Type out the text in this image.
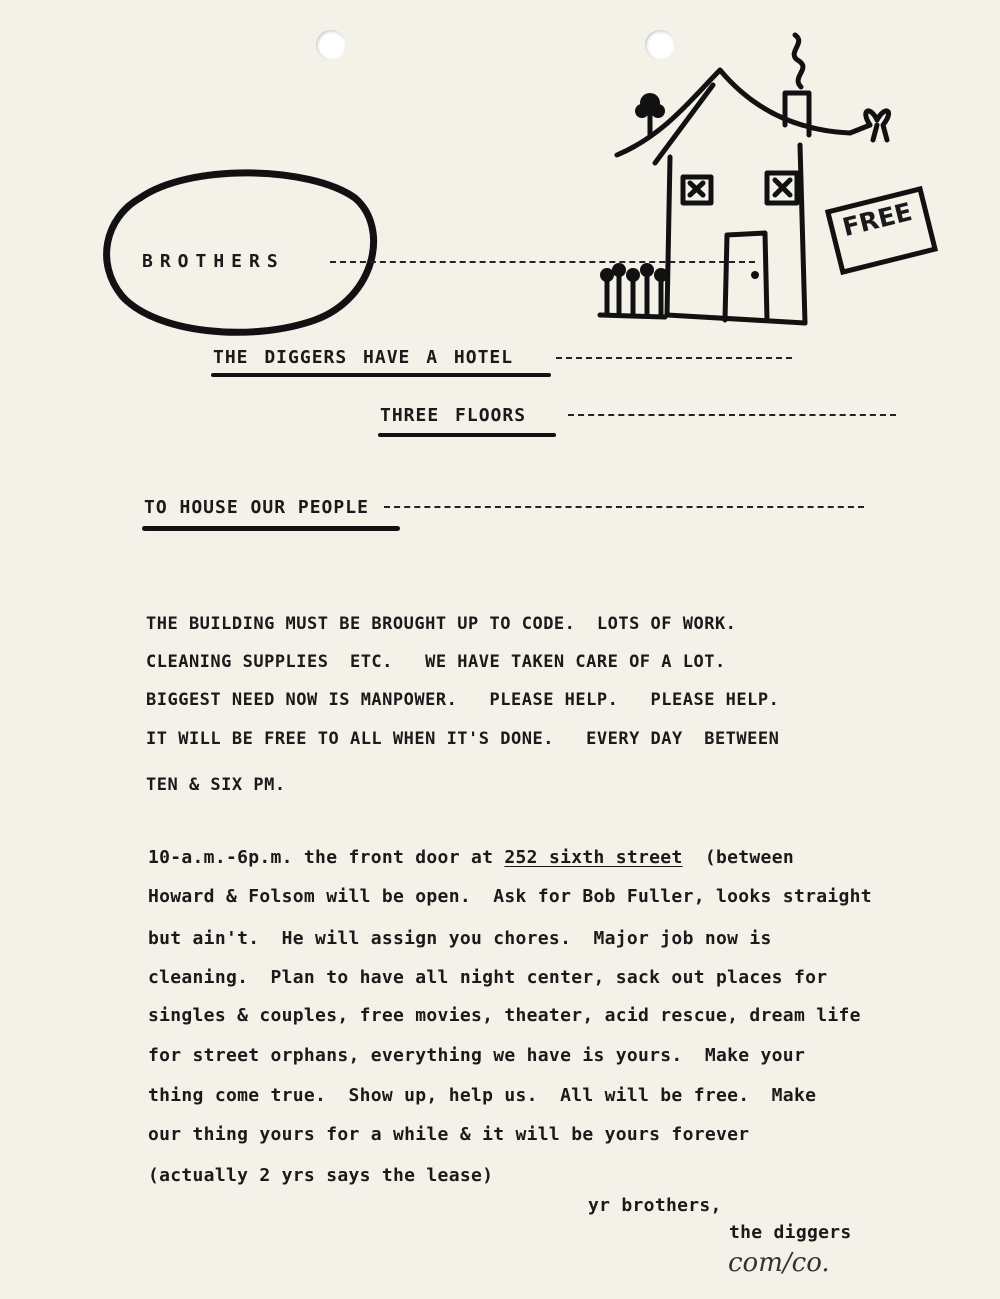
BROTHERS
FREE
THE DIGGERS HAVE A HOTEL
THREE FLOORS
TO HOUSE OUR PEOPLE
THE BUILDING MUST BE BROUGHT UP TO CODE.  LOTS OF WORK.
CLEANING SUPPLIES  ETC.   WE HAVE TAKEN CARE OF A LOT.
BIGGEST NEED NOW IS MANPOWER.   PLEASE HELP.   PLEASE HELP.
IT WILL BE FREE TO ALL WHEN IT'S DONE.   EVERY DAY  BETWEEN
TEN & SIX PM.
10-a.m.-6p.m. the front door at 252 sixth street  (between
Howard & Folsom will be open.  Ask for Bob Fuller, looks straight
but ain't.  He will assign you chores.  Major job now is
cleaning.  Plan to have all night center, sack out places for
singles & couples, free movies, theater, acid rescue, dream life
for street orphans, everything we have is yours.  Make your
thing come true.  Show up, help us.  All will be free.  Make
our thing yours for a while & it will be yours forever
(actually 2 yrs says the lease)
yr brothers,
the diggers
com/co.
